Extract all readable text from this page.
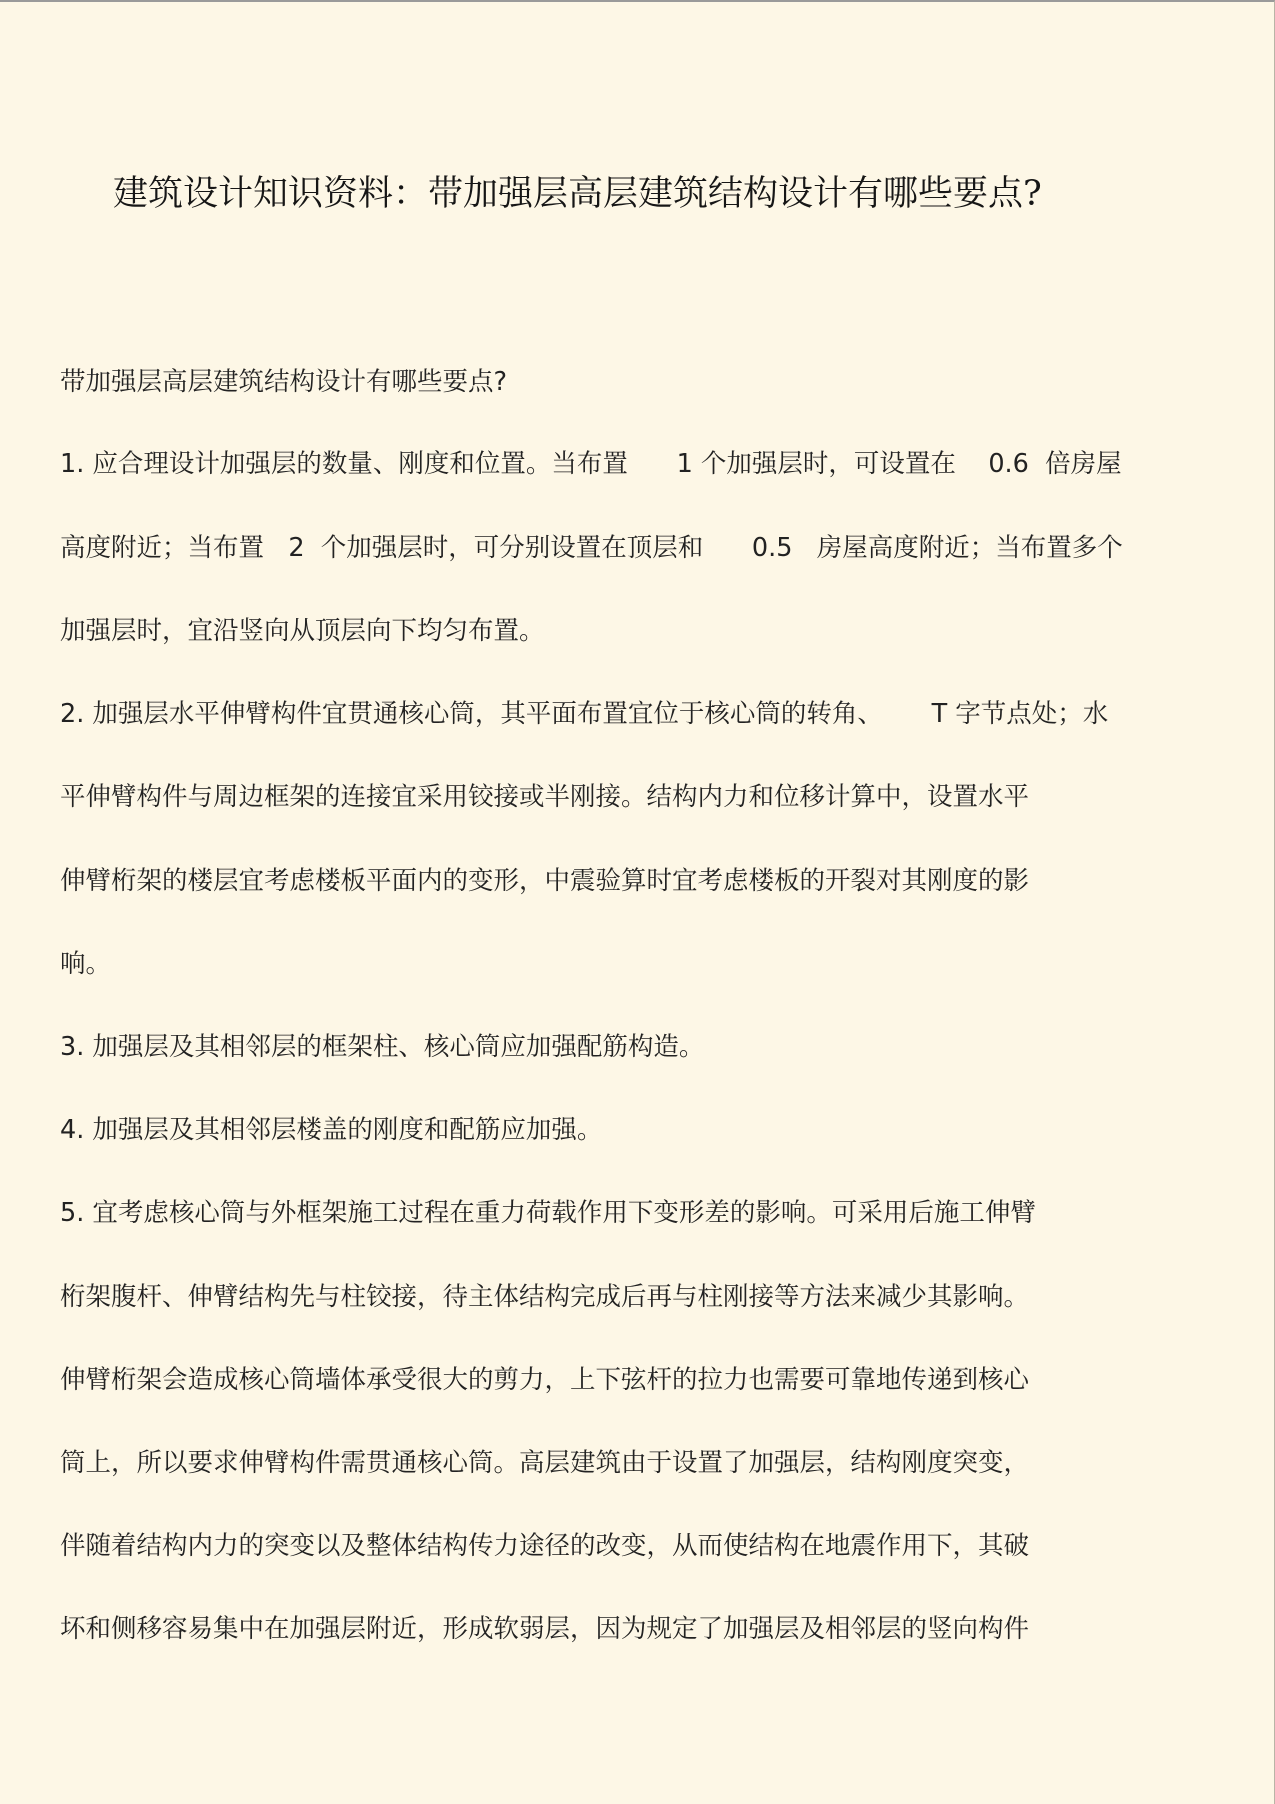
建筑设计知识资料：带加强层高层建筑结构设计有哪些要点?

带加强层高层建筑结构设计有哪些要点?

1. 应合理设计加强层的数量、刚度和位置。当布置      1 个加强层时，可设置在    0.6  倍房屋

高度附近；当布置   2  个加强层时，可分别设置在顶层和      0.5   房屋高度附近；当布置多个

加强层时，宜沿竖向从顶层向下均匀布置。

2. 加强层水平伸臂构件宜贯通核心筒，其平面布置宜位于核心筒的转角、      T 字节点处；水

平伸臂构件与周边框架的连接宜采用铰接或半刚接。结构内力和位移计算中，设置水平

伸臂桁架的楼层宜考虑楼板平面内的变形，中震验算时宜考虑楼板的开裂对其刚度的影

响。

3. 加强层及其相邻层的框架柱、核心筒应加强配筋构造。

4. 加强层及其相邻层楼盖的刚度和配筋应加强。

5. 宜考虑核心筒与外框架施工过程在重力荷载作用下变形差的影响。可采用后施工伸臂

桁架腹杆、伸臂结构先与柱铰接，待主体结构完成后再与柱刚接等方法来减少其影响。

伸臂桁架会造成核心筒墙体承受很大的剪力，上下弦杆的拉力也需要可靠地传递到核心

筒上，所以要求伸臂构件需贯通核心筒。高层建筑由于设置了加强层，结构刚度突变，

伴随着结构内力的突变以及整体结构传力途径的改变，从而使结构在地震作用下，其破

坏和侧移容易集中在加强层附近，形成软弱层，因为规定了加强层及相邻层的竖向构件
